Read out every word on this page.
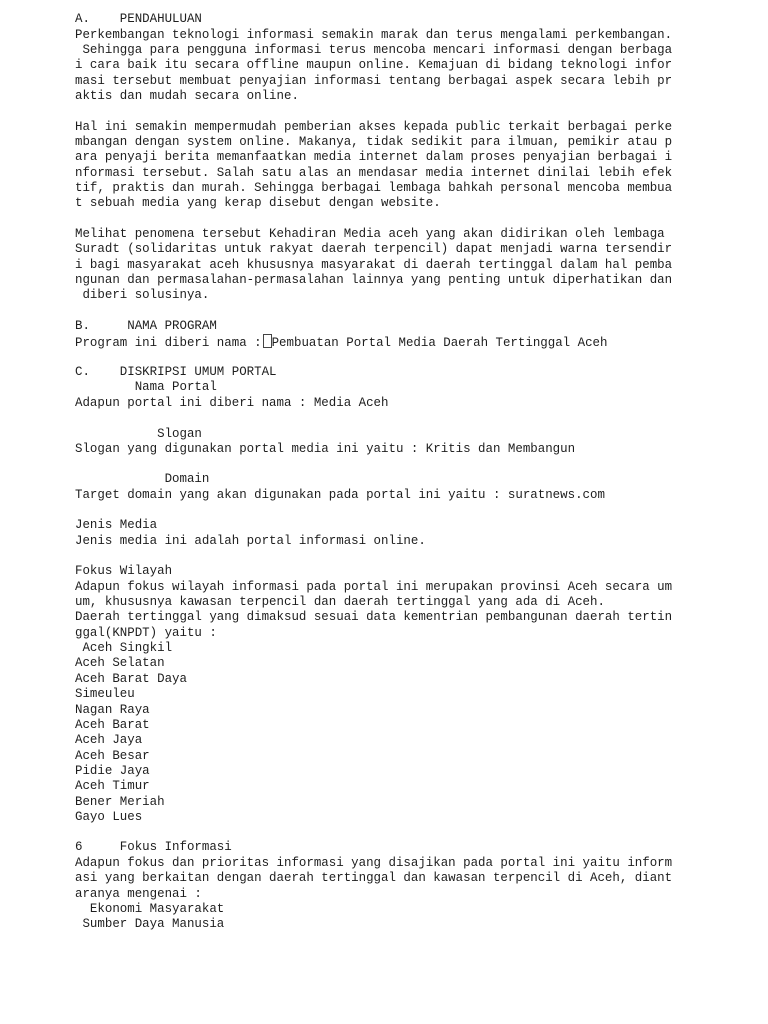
A.    PENDAHULUAN

Perkembangan teknologi informasi semakin marak dan terus mengalami perkembangan.

Sehingga para pengguna informasi terus mencoba mencari informasi dengan berbaga

i cara baik itu secara offline maupun online. Kemajuan di bidang teknologi infor

masi tersebut membuat penyajian informasi tentang berbagai aspek secara lebih pr

aktis dan mudah secara online.

Hal ini semakin mempermudah pemberian akses kepada public terkait berbagai perke

mbangan dengan system online. Makanya, tidak sedikit para ilmuan, pemikir atau p

ara penyaji berita memanfaatkan media internet dalam proses penyajian berbagai i

nformasi tersebut. Salah satu alas an mendasar media internet dinilai lebih efek

tif, praktis dan murah. Sehingga berbagai lembaga bahkah personal mencoba membua

t sebuah media yang kerap disebut dengan website.

Melihat penomena tersebut Kehadiran Media aceh yang akan didirikan oleh lembaga

Suradt (solidaritas untuk rakyat daerah terpencil) dapat menjadi warna tersendir

i bagi masyarakat aceh khususnya masyarakat di daerah tertinggal dalam hal pemba

ngunan dan permasalahan-permasalahan lainnya yang penting untuk diperhatikan dan

diberi solusinya.

B.     NAMA PROGRAM

Program ini diberi nama : Pembuatan Portal Media Daerah Tertinggal Aceh

C.    DISKRIPSI UMUM PORTAL

Nama Portal

Adapun portal ini diberi nama : Media Aceh

Slogan

Slogan yang digunakan portal media ini yaitu : Kritis dan Membangun

Domain

Target domain yang akan digunakan pada portal ini yaitu : suratnews.com

Jenis Media

Jenis media ini adalah portal informasi online.

Fokus Wilayah

Adapun fokus wilayah informasi pada portal ini merupakan provinsi Aceh secara um

um, khususnya kawasan terpencil dan daerah tertinggal yang ada di Aceh.

Daerah tertinggal yang dimaksud sesuai data kementrian pembangunan daerah tertin

ggal(KNPDT) yaitu :

Aceh Singkil

Aceh Selatan

Aceh Barat Daya

Simeuleu

Nagan Raya

Aceh Barat

Aceh Jaya

Aceh Besar

Pidie Jaya

Aceh Timur

Bener Meriah

Gayo Lues

6     Fokus Informasi

Adapun fokus dan prioritas informasi yang disajikan pada portal ini yaitu inform

asi yang berkaitan dengan daerah tertinggal dan kawasan terpencil di Aceh, diant

aranya mengenai :

Ekonomi Masyarakat

Sumber Daya Manusia
